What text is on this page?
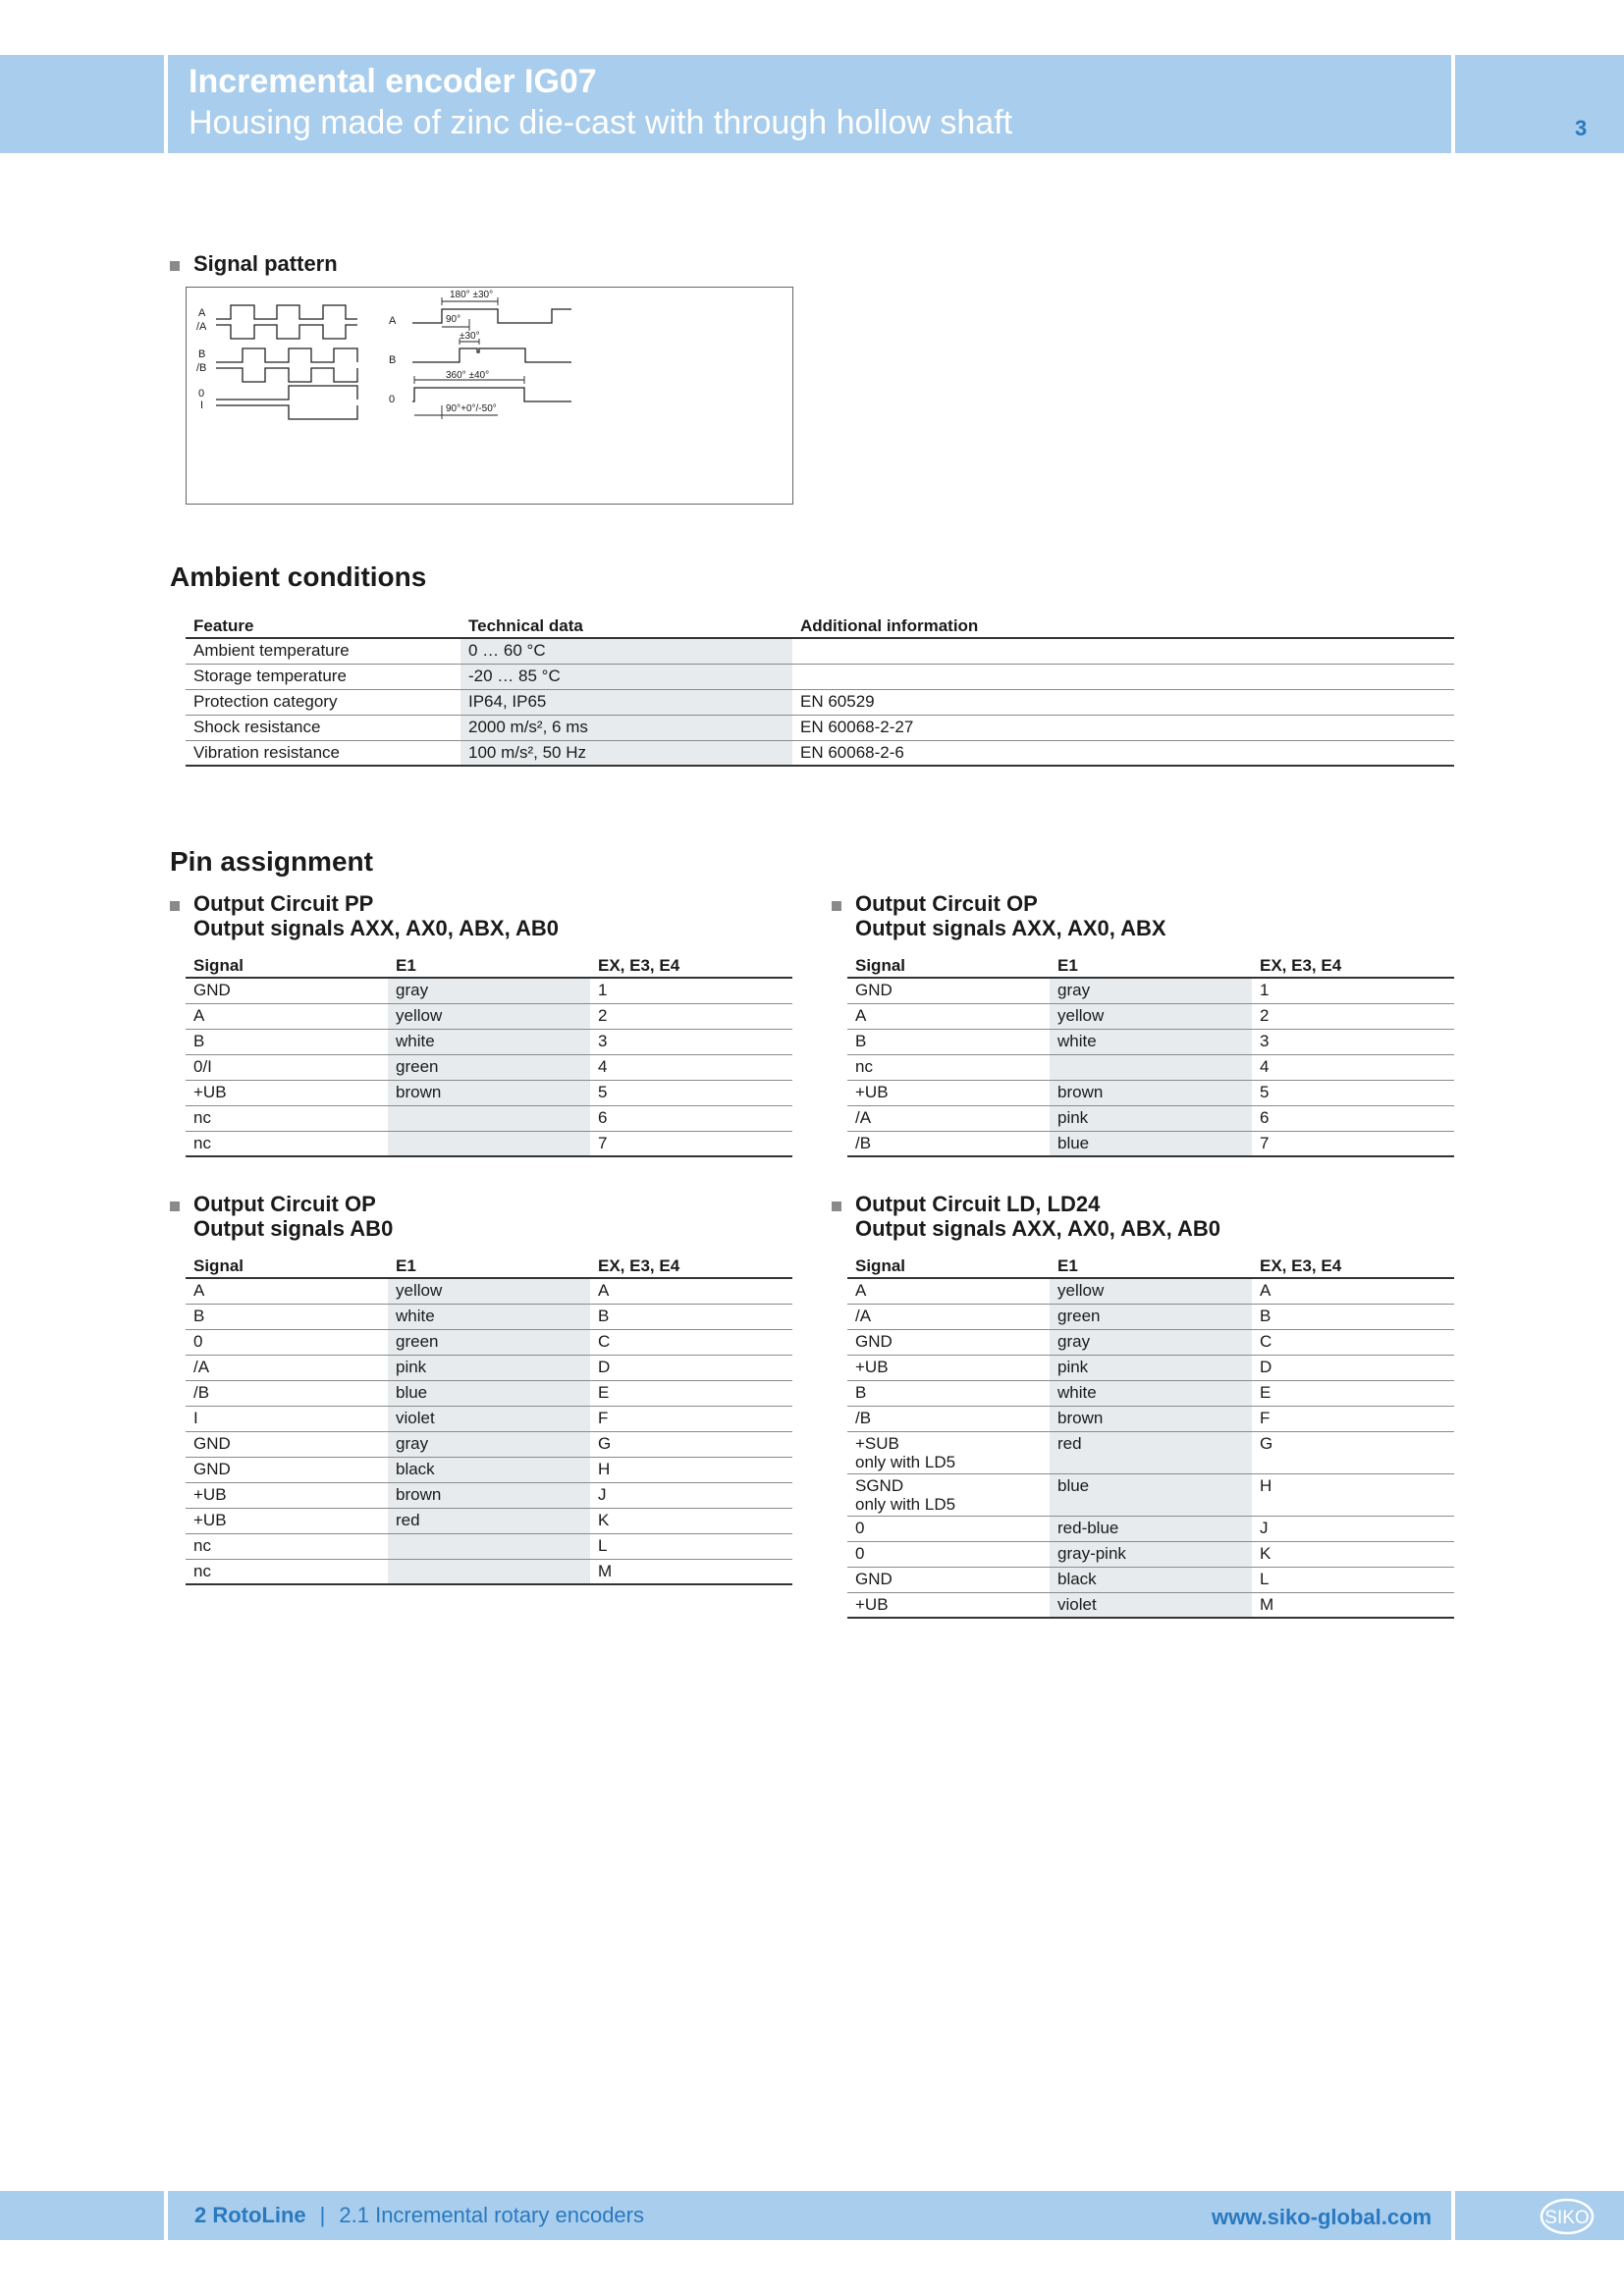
Incremental encoder IG07
Housing made of zinc die-cast with through hollow shaft	3
Signal pattern
A
/A
B
/B
0
I
A
B
0
180° ±30°
90°
±30°
360° ±40°
90°+0°/-50°
Ambient conditions
Feature	Technical data	Additional information
Ambient temperature	0 … 60 °C	
Storage temperature	-20 … 85 °C	
Protection category	IP64, IP65	EN 60529
Shock resistance	2000 m/s², 6 ms	EN 60068-2-27
Vibration resistance	100 m/s², 50 Hz	EN 60068-2-6
Pin assignment
Output Circuit PP
Output signals AXX, AX0, ABX, AB0
Signal	E1	EX, E3, E4
GND	gray	1
A	yellow	2
B	white	3
0/I	green	4
+UB	brown	5
nc		6
nc		7
Output Circuit OP
Output signals AXX, AX0, ABX
Signal	E1	EX, E3, E4
GND	gray	1
A	yellow	2
B	white	3
nc		4
+UB	brown	5
/A	pink	6
/B	blue	7
Output Circuit OP
Output signals AB0
Signal	E1	EX, E3, E4
A	yellow	A
B	white	B
0	green	C
/A	pink	D
/B	blue	E
I	violet	F
GND	gray	G
GND	black	H
+UB	brown	J
+UB	red	K
nc		L
nc		M
Output Circuit LD, LD24
Output signals AXX, AX0, ABX, AB0
Signal	E1	EX, E3, E4
A	yellow	A
/A	green	B
GND	gray	C
+UB	pink	D
B	white	E
/B	brown	F

+SUB
only with LD5	red	G

SGND
only with LD5	blue	H
0	red-blue	J
0	gray-pink	K
GND	black	L
+UB	violet	M
2 RotoLine | 2.1 Incremental rotary encoders	www.siko-global.com	SIKO
